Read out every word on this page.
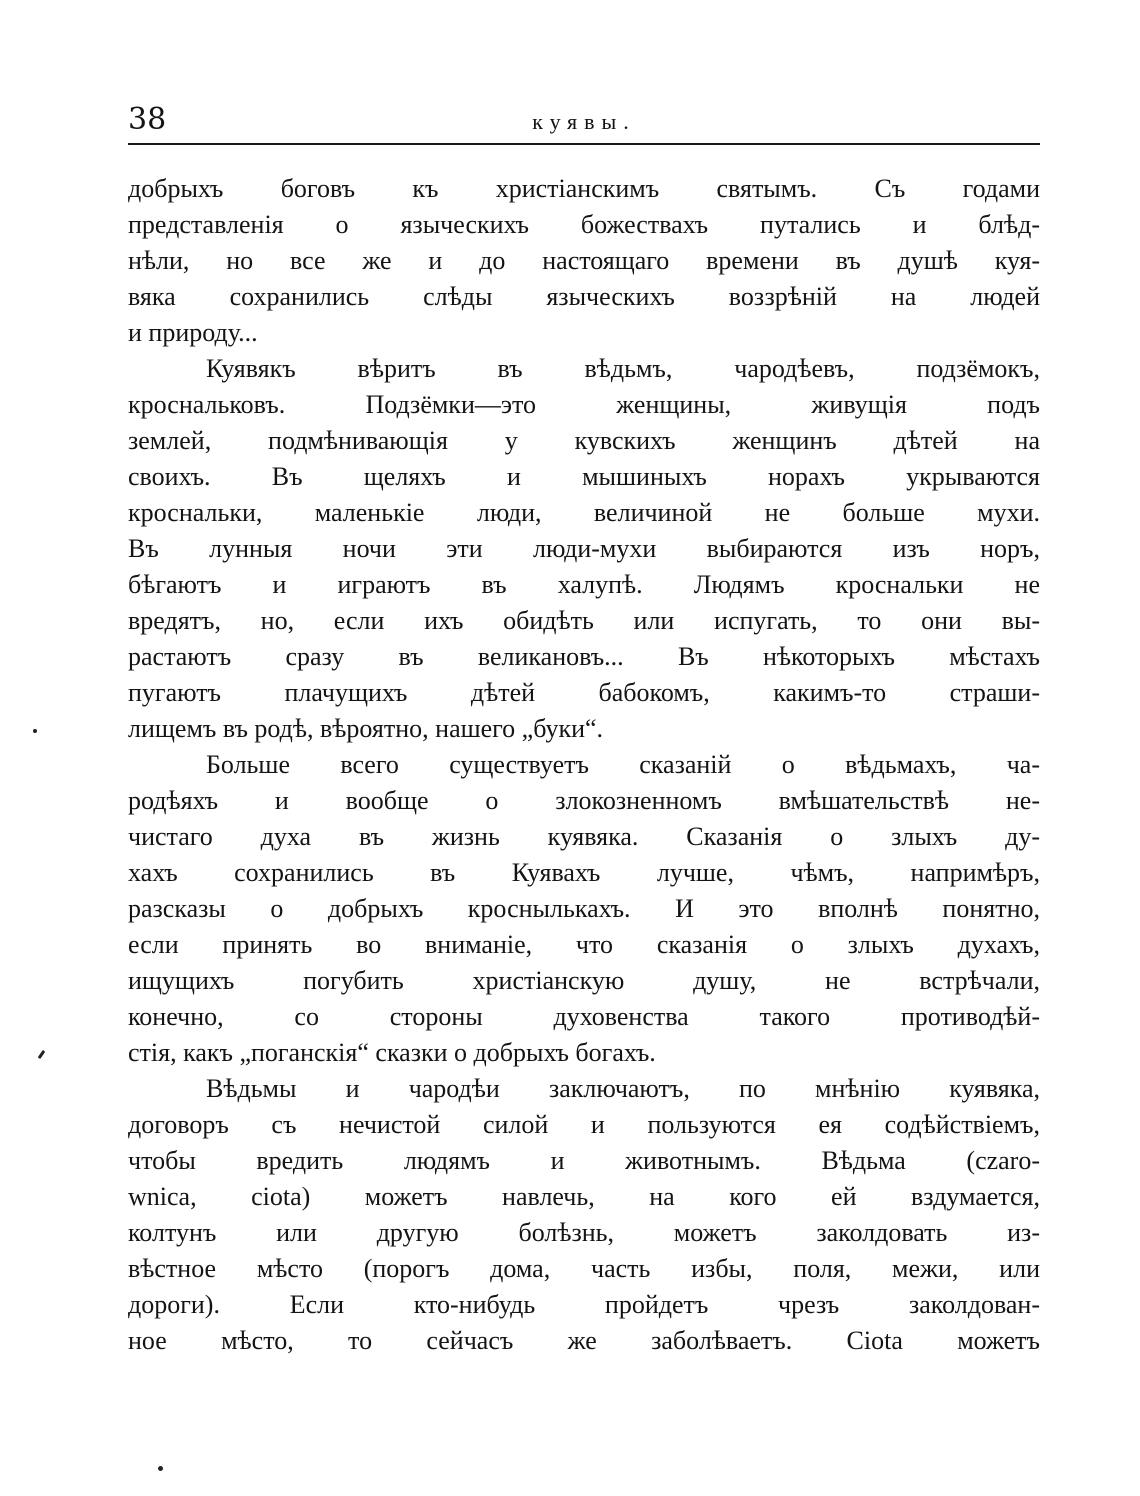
38	куявы.
добрыхъ боговъ къ христіанскимъ святымъ. Съ годами
представленія о языческихъ божествахъ путались и блѣд-
нѣли, но все же и до настоящаго времени въ душѣ куя-
вяка сохранились слѣды языческихъ воззрѣній на людей
и природу...
Куявякъ вѣритъ въ вѣдьмъ, чародѣевъ, подзёмокъ,
кроснальковъ. Подзёмки—это женщины, живущія подъ
землей, подмѣнивающія у кувскихъ женщинъ дѣтей на
своихъ. Въ щеляхъ и мышиныхъ норахъ укрываются
кроснальки, маленькіе люди, величиной не больше мухи.
Въ лунныя ночи эти люди-мухи выбираются изъ норъ,
бѣгаютъ и играютъ въ халупѣ. Людямъ кроснальки не
вредятъ, но, если ихъ обидѣть или испугать, то они вы-
растаютъ сразу въ великановъ... Въ нѣкоторыхъ мѣстахъ
пугаютъ плачущихъ дѣтей бабокомъ, какимъ-то страши-
лищемъ въ родѣ, вѣроятно, нашего „буки“.
Больше всего существуетъ сказаній о вѣдьмахъ, ча-
родѣяхъ и вообще о злокозненномъ вмѣшательствѣ не-
чистаго духа въ жизнь куявяка. Сказанія о злыхъ ду-
хахъ сохранились въ Куявахъ лучше, чѣмъ, напримѣръ,
разсказы о добрыхъ кроснылькахъ. И это вполнѣ понятно,
если принять во вниманіе, что сказанія о злыхъ духахъ,
ищущихъ погубить христіанскую душу, не встрѣчали,
конечно, со стороны духовенства такого противодѣй-
стія, какъ „поганскія“ сказки о добрыхъ богахъ.
Вѣдьмы и чародѣи заключаютъ, по мнѣнію куявяка,
договоръ съ нечистой силой и пользуются ея содѣйствіемъ,
чтобы вредить людямъ и животнымъ. Вѣдьма (czaro-
wnica, ciota) можетъ навлечь, на кого ей вздумается,
колтунъ или другую болѣзнь, можетъ заколдовать из-
вѣстное мѣсто (порогъ дома, часть избы, поля, межи, или
дороги). Если кто-нибудь пройдетъ чрезъ заколдован-
ное мѣсто, то сейчасъ же заболѣваетъ. Ciota можетъ
